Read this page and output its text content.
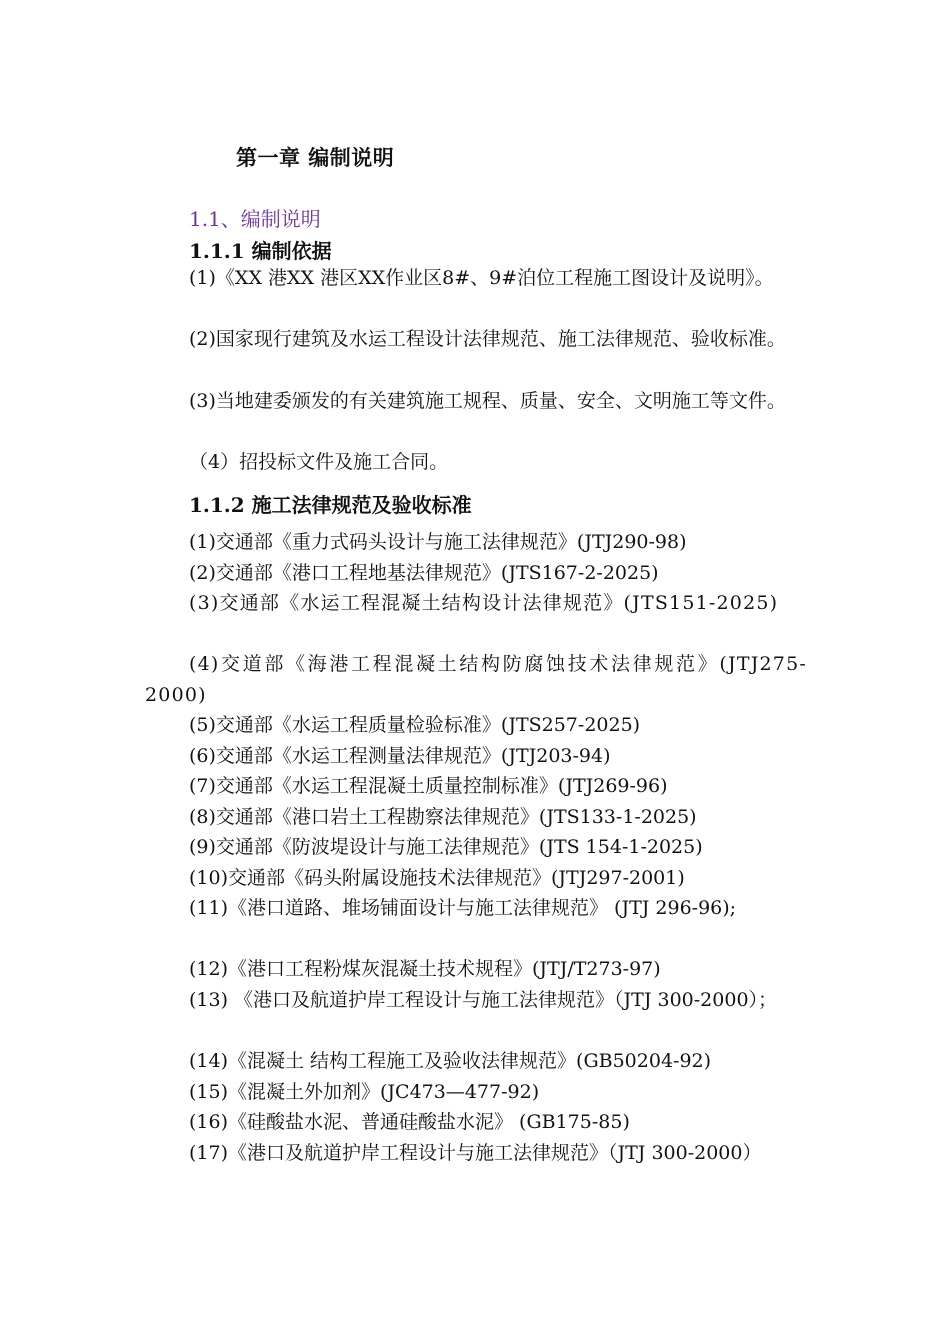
第一章 编制说明
1.1、编制说明
1.1.1 编制依据

(1)《XX 港XX 港区XX作业区8#、9#泊位工程施工图设计及说明》。

(2)国家现行建筑及水运工程设计法律规范、施工法律规范、验收标准。

(3)当地建委颁发的有关建筑施工规程、质量、安全、文明施工等文件。

（4）招投标文件及施工合同。

1.1.2 施工法律规范及验收标准

(1)交通部《重力式码头设计与施工法律规范》(JTJ290-98)

(2)交通部《港口工程地基法律规范》(JTS167-2-2025)

(3)交通部《水运工程混凝土结构设计法律规范》(JTS151-2025)

(4)交道部《海港工程混凝土结构防腐蚀技术法律规范》(JTJ275-2000)

(5)交通部《水运工程质量检验标准》(JTS257-2025)

(6)交通部《水运工程测量法律规范》(JTJ203-94)

(7)交通部《水运工程混凝土质量控制标准》(JTJ269-96)

(8)交通部《港口岩土工程勘察法律规范》(JTS133-1-2025)

(9)交通部《防波堤设计与施工法律规范》(JTS 154-1-2025)

(10)交通部《码头附属设施技术法律规范》(JTJ297-2001)

(11)《港口道路、堆场铺面设计与施工法律规范》 (JTJ 296-96);

(12)《港口工程粉煤灰混凝土技术规程》(JTJ/T273-97)

(13) 《港口及航道护岸工程设计与施工法律规范》（JTJ 300-2000）；

(14)《混凝土 结构工程施工及验收法律规范》(GB50204-92)

(15)《混凝土外加剂》(JC473—477-92)

(16)《硅酸盐水泥、普通硅酸盐水泥》 (GB175-85)

(17)《港口及航道护岸工程设计与施工法律规范》（JTJ 300-2000）
